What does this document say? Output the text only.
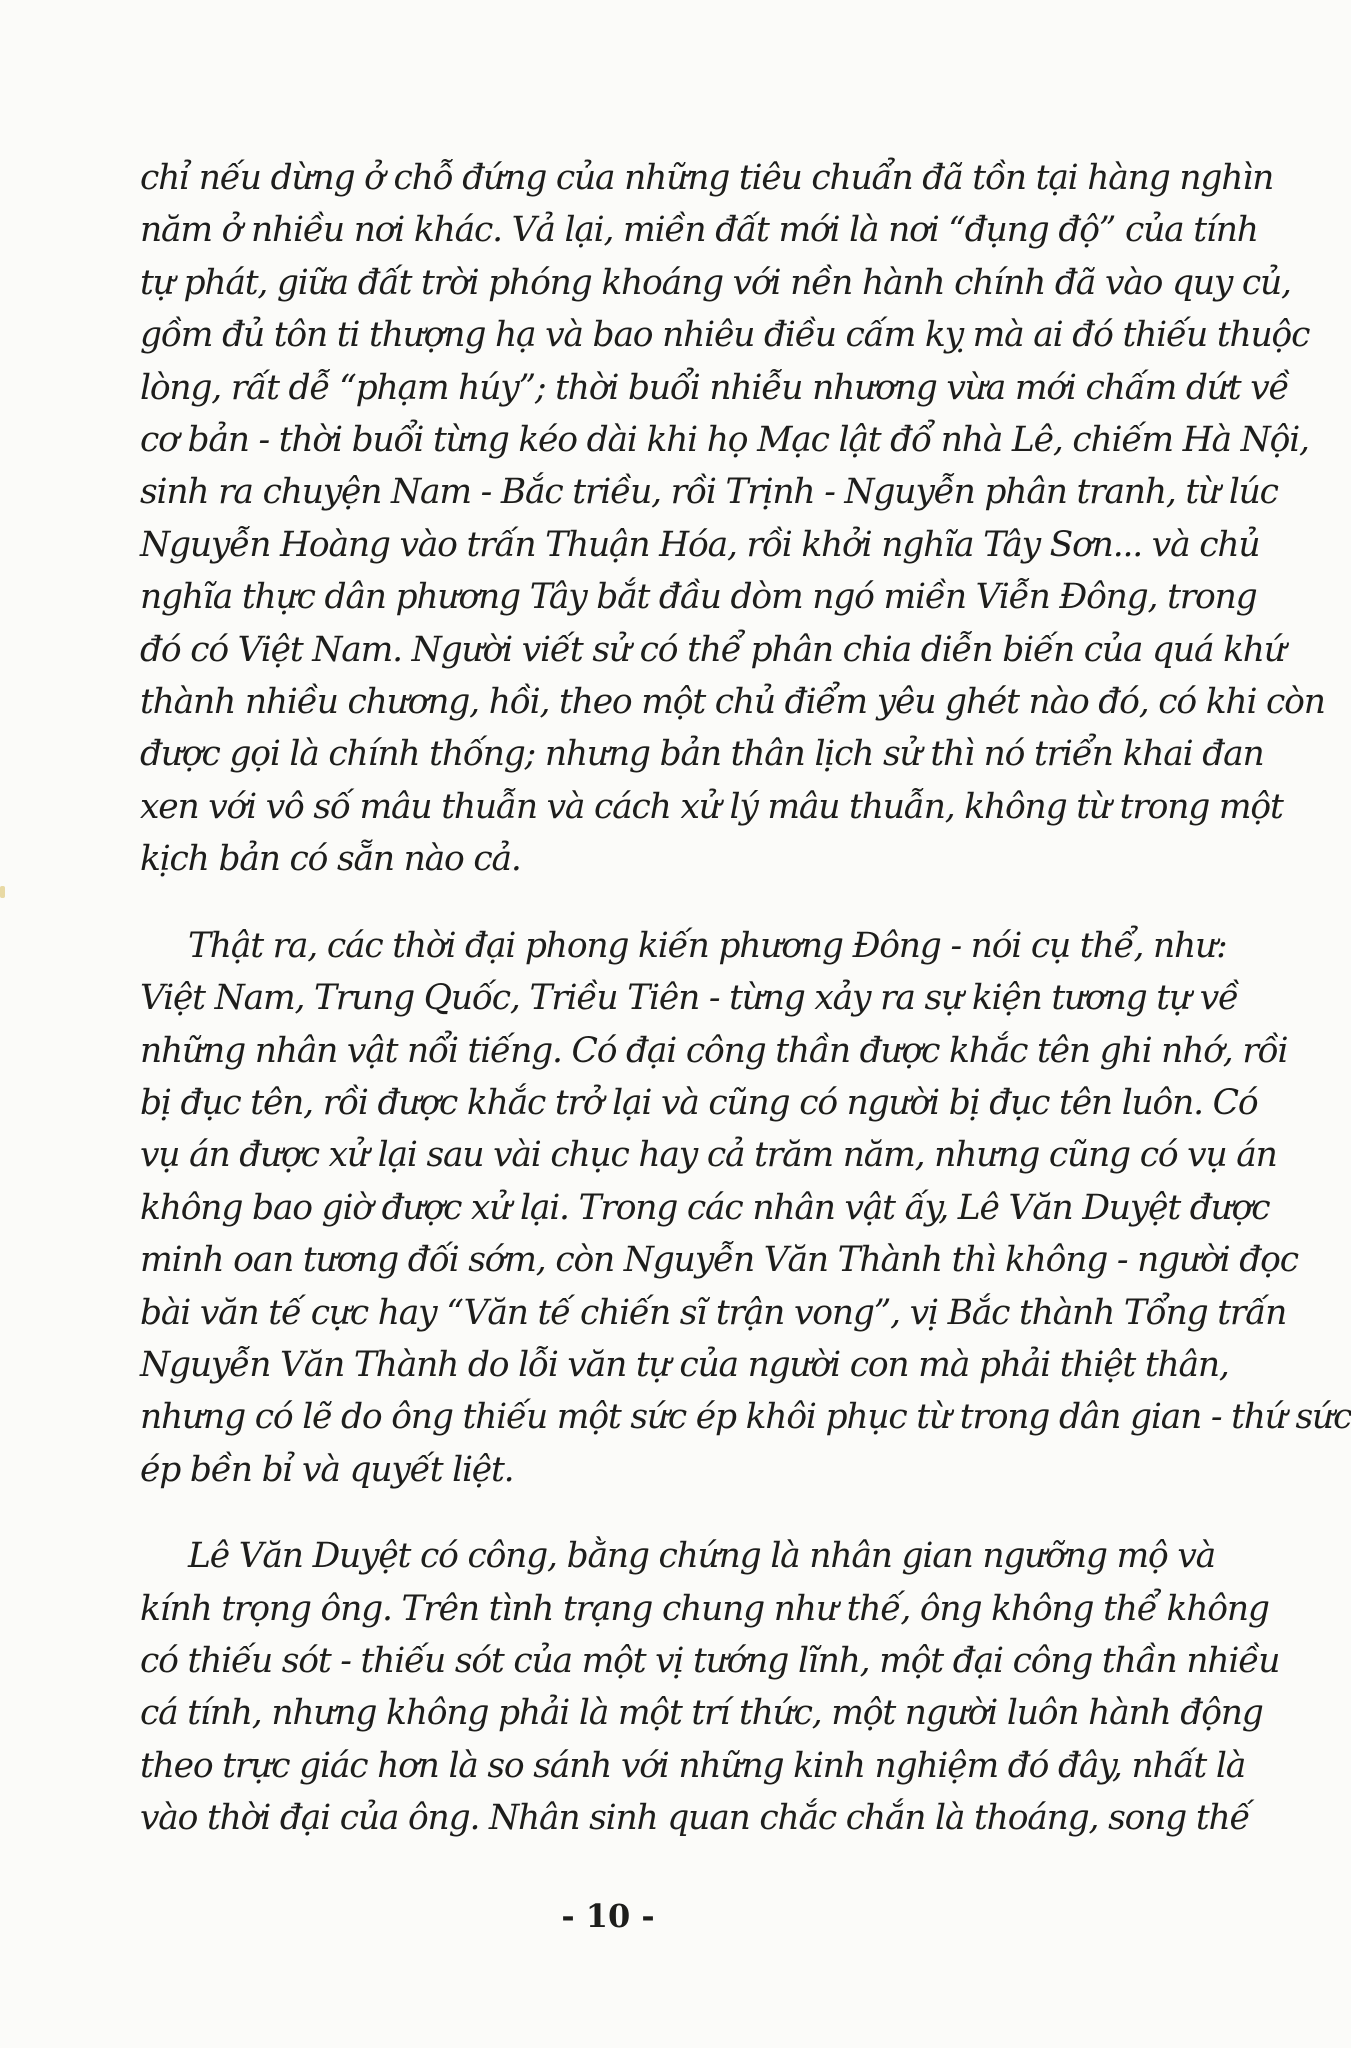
chỉ nếu dừng ở chỗ đứng của những tiêu chuẩn đã tồn tại hàng nghìn
năm ở nhiều nơi khác. Vả lại, miền đất mới là nơi “đụng độ” của tính
tự phát, giữa đất trời phóng khoáng với nền hành chính đã vào quy củ,
gồm đủ tôn ti thượng hạ và bao nhiêu điều cấm kỵ mà ai đó thiếu thuộc
lòng, rất dễ “phạm húy”; thời buổi nhiễu nhương vừa mới chấm dứt về
cơ bản - thời buổi từng kéo dài khi họ Mạc lật đổ nhà Lê, chiếm Hà Nội,
sinh ra chuyện Nam - Bắc triều, rồi Trịnh - Nguyễn phân tranh, từ lúc
Nguyễn Hoàng vào trấn Thuận Hóa, rồi khởi nghĩa Tây Sơn... và chủ
nghĩa thực dân phương Tây bắt đầu dòm ngó miền Viễn Đông, trong
đó có Việt Nam. Người viết sử có thể phân chia diễn biến của quá khứ
thành nhiều chương, hồi, theo một chủ điểm yêu ghét nào đó, có khi còn
được gọi là chính thống; nhưng bản thân lịch sử thì nó triển khai đan
xen với vô số mâu thuẫn và cách xử lý mâu thuẫn, không từ trong một
kịch bản có sẵn nào cả.

Thật ra, các thời đại phong kiến phương Đông - nói cụ thể, như:
Việt Nam, Trung Quốc, Triều Tiên - từng xảy ra sự kiện tương tự về
những nhân vật nổi tiếng. Có đại công thần được khắc tên ghi nhớ, rồi
bị đục tên, rồi được khắc trở lại và cũng có người bị đục tên luôn. Có
vụ án được xử lại sau vài chục hay cả trăm năm, nhưng cũng có vụ án
không bao giờ được xử lại. Trong các nhân vật ấy, Lê Văn Duyệt được
minh oan tương đối sớm, còn Nguyễn Văn Thành thì không - người đọc
bài văn tế cực hay “Văn tế chiến sĩ trận vong”, vị Bắc thành Tổng trấn
Nguyễn Văn Thành do lỗi văn tự của người con mà phải thiệt thân,
nhưng có lẽ do ông thiếu một sức ép khôi phục từ trong dân gian - thứ sức
ép bền bỉ và quyết liệt.

Lê Văn Duyệt có công, bằng chứng là nhân gian ngưỡng mộ và
kính trọng ông. Trên tình trạng chung như thế, ông không thể không
có thiếu sót - thiếu sót của một vị tướng lĩnh, một đại công thần nhiều
cá tính, nhưng không phải là một trí thức, một người luôn hành động
theo trực giác hơn là so sánh với những kinh nghiệm đó đây, nhất là
vào thời đại của ông. Nhân sinh quan chắc chắn là thoáng, song thế

- 10 -
